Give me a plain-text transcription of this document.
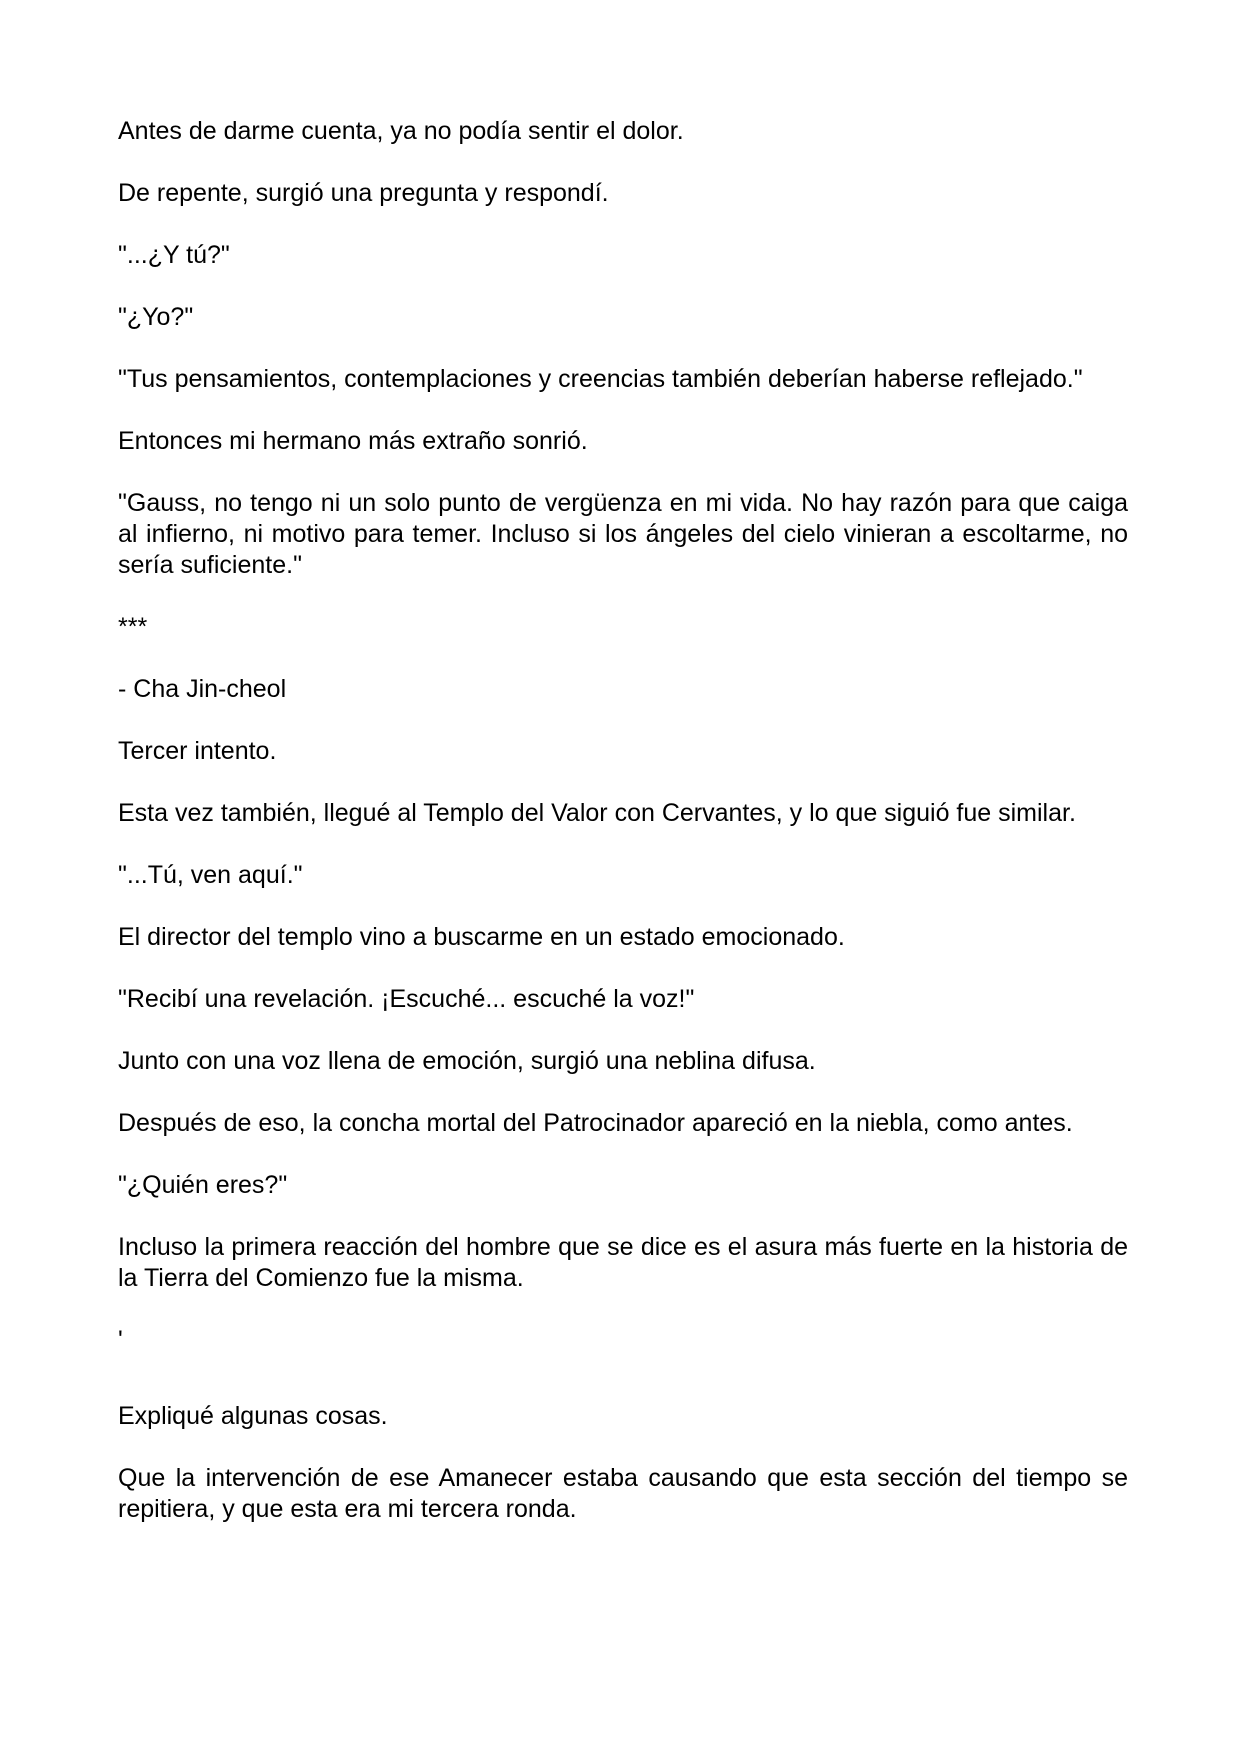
Antes de darme cuenta, ya no podía sentir el dolor.

De repente, surgió una pregunta y respondí.

"...¿Y tú?"

"¿Yo?"

"Tus pensamientos, contemplaciones y creencias también deberían haberse reflejado."

Entonces mi hermano más extraño sonrió.

"Gauss, no tengo ni un solo punto de vergüenza en mi vida. No hay razón para que caiga al infierno, ni motivo para temer. Incluso si los ángeles del cielo vinieran a escoltarme, no sería suficiente."

***

- Cha Jin-cheol

Tercer intento.

Esta vez también, llegué al Templo del Valor con Cervantes, y lo que siguió fue similar.

"...Tú, ven aquí."

El director del templo vino a buscarme en un estado emocionado.

"Recibí una revelación. ¡Escuché... escuché la voz!"

Junto con una voz llena de emoción, surgió una neblina difusa.

Después de eso, la concha mortal del Patrocinador apareció en la niebla, como antes.

"¿Quién eres?"

Incluso la primera reacción del hombre que se dice es el asura más fuerte en la historia de la Tierra del Comienzo fue la misma.

'

Expliqué algunas cosas.

Que la intervención de ese Amanecer estaba causando que esta sección del tiempo se repitiera, y que esta era mi tercera ronda.
